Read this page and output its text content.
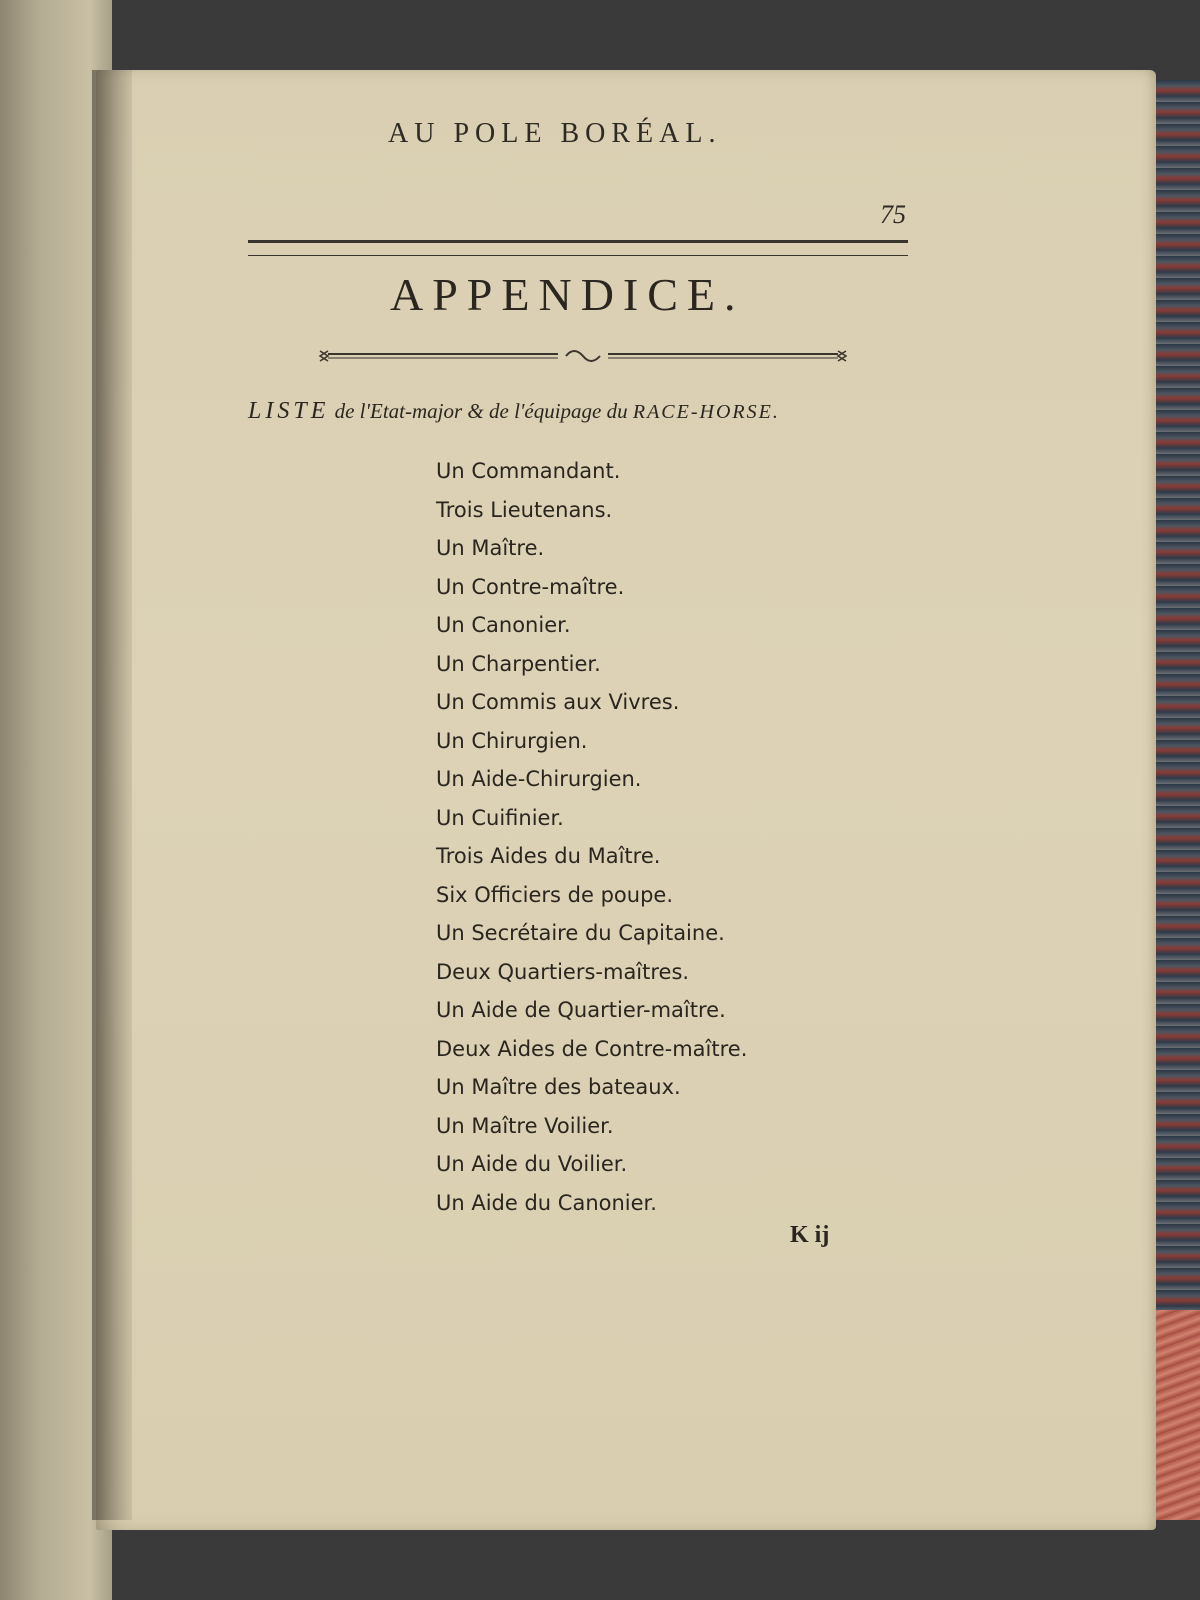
AU POLE BORÉAL.
75
APPENDICE.
LISTE de l'Etat-major & de l'équipage du RACE-HORSE.
Un Commandant.
Trois Lieutenans.
Un Maître.
Un Contre-maître.
Un Canonier.
Un Charpentier.
Un Commis aux Vivres.
Un Chirurgien.
Un Aide-Chirurgien.
Un Cuifinier.
Trois Aides du Maître.
Six Officiers de poupe.
Un Secrétaire du Capitaine.
Deux Quartiers-maîtres.
Un Aide de Quartier-maître.
Deux Aides de Contre-maître.
Un Maître des bateaux.
Un Maître Voilier.
Un Aide du Voilier.
Un Aide du Canonier.
K ij
